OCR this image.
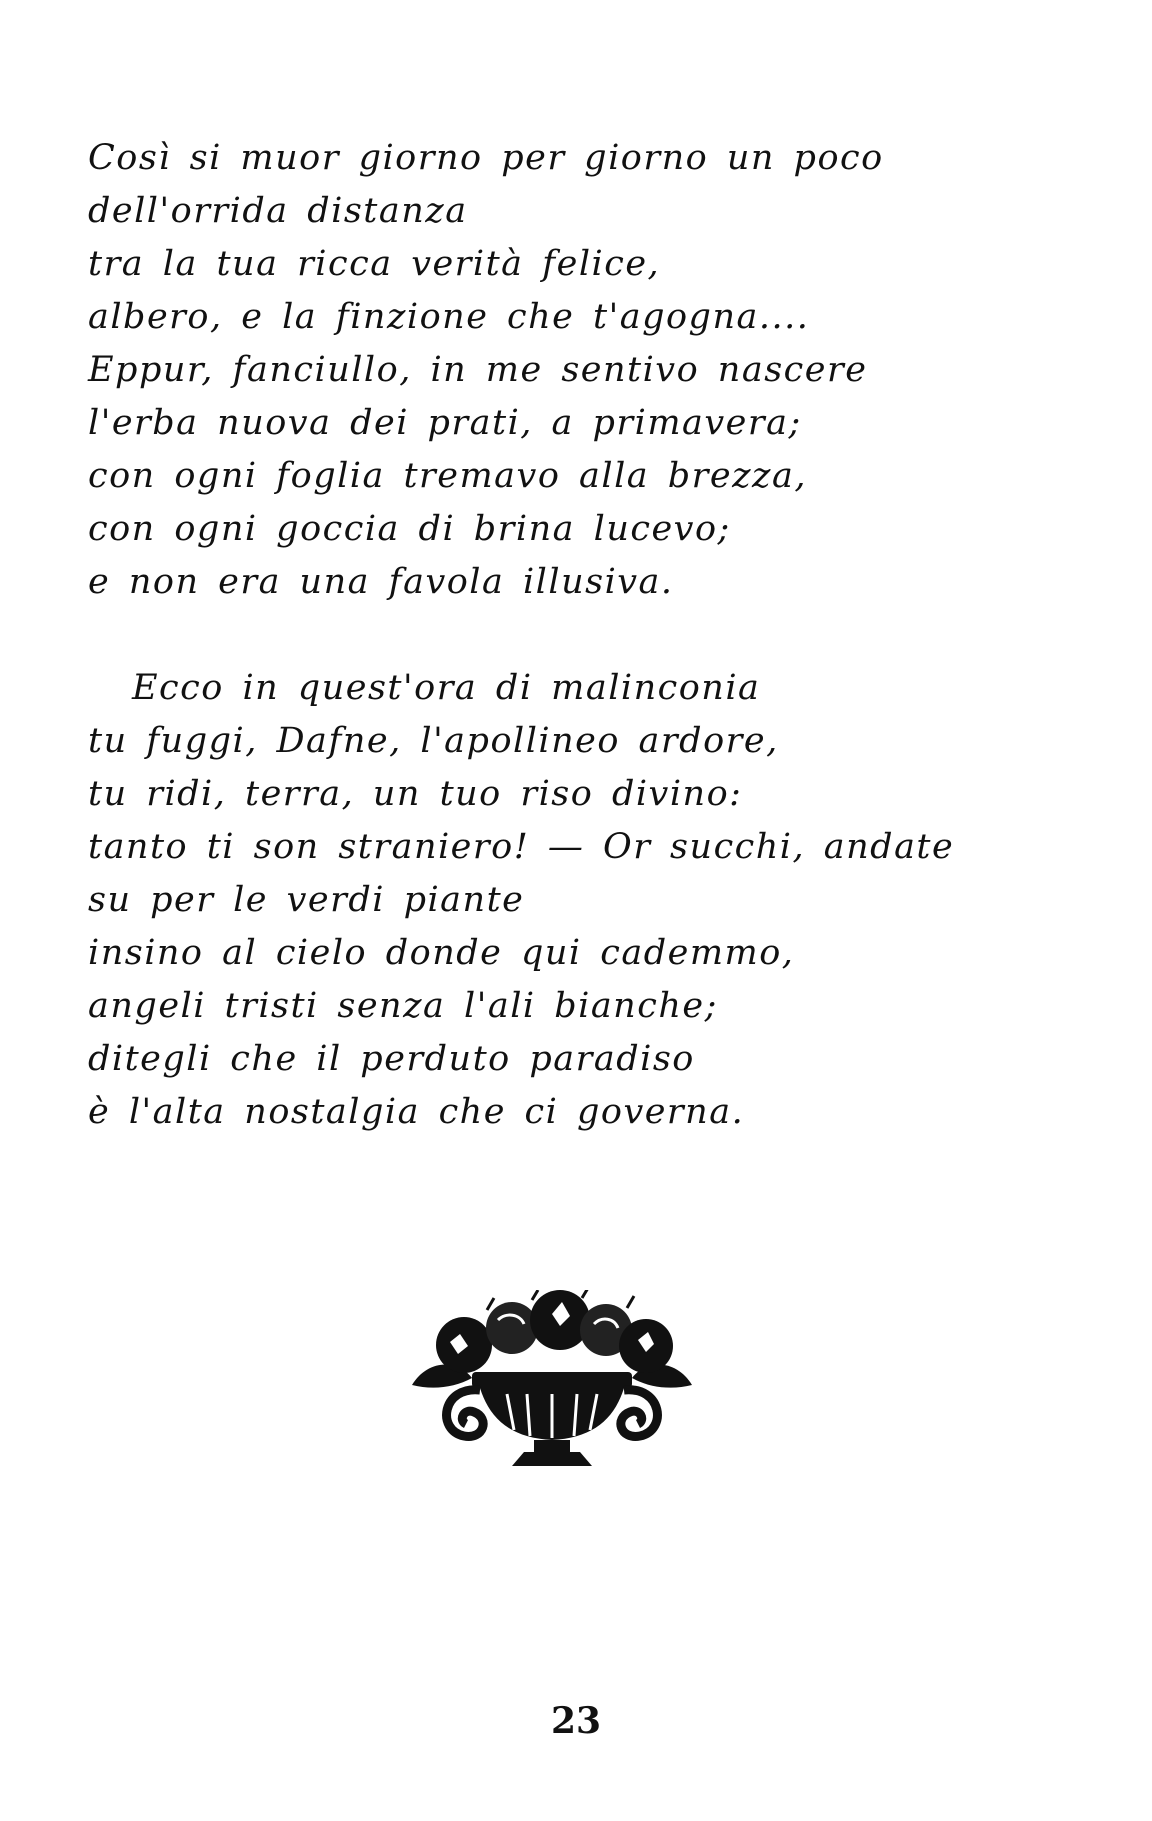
Così si muor giorno per giorno un poco
dell'orrida distanza
tra la tua ricca verità felice,
albero, e la finzione che t'agogna....
Eppur, fanciullo, in me sentivo nascere
l'erba nuova dei prati, a primavera;
con ogni foglia tremavo alla brezza,
con ogni goccia di brina lucevo;
e non era una favola illusiva.
Ecco in quest'ora di malinconia
tu fuggi, Dafne, l'apollineo ardore,
tu ridi, terra, un tuo riso divino:
tanto ti son straniero! — Or succhi, andate
su per le verdi piante
insino al cielo donde qui cademmo,
angeli tristi senza l'ali bianche;
ditegli che il perduto paradiso
è l'alta nostalgia che ci governa.
23
